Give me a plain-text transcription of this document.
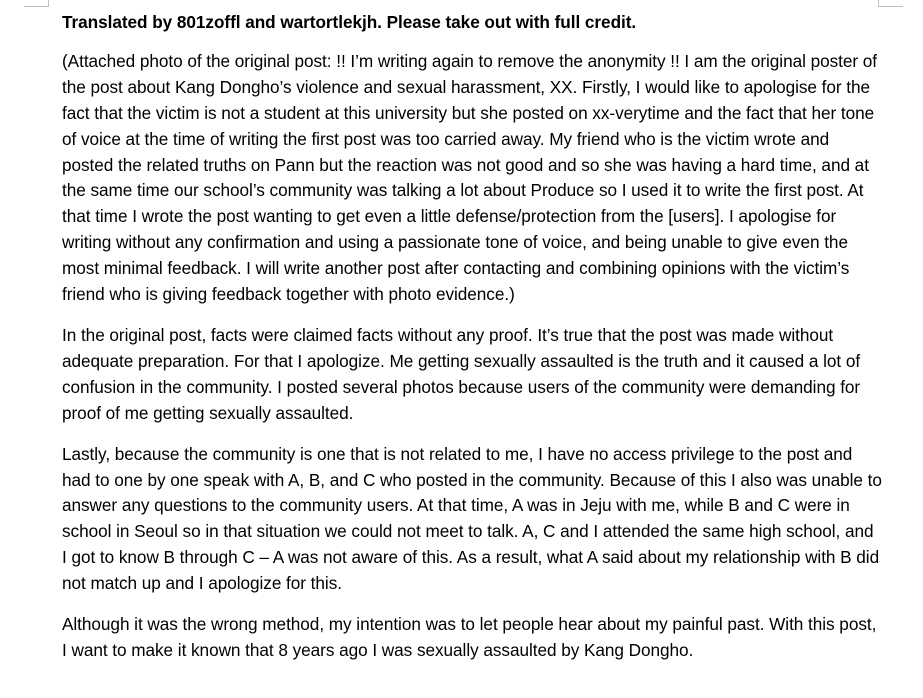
Translated by 801zoffl and wartortlekjh. Please take out with full credit.

(Attached photo of the original post: !! I’m writing again to remove the anonymity !! I am the original poster of the post about Kang Dongho’s violence and sexual harassment, XX. Firstly, I would like to apologise for the fact that the victim is not a student at this university but she posted on xx-verytime and the fact that her tone of voice at the time of writing the first post was too carried away. My friend who is the victim wrote and posted the related truths on Pann but the reaction was not good and so she was having a hard time, and at the same time our school’s community was talking a lot about Produce so I used it to write the first post. At that time I wrote the post wanting to get even a little defense/protection from the [users]. I apologise for writing without any confirmation and using a passionate tone of voice, and being unable to give even the most minimal feedback. I will write another post after contacting and combining opinions with the victim’s friend who is giving feedback together with photo evidence.)

In the original post, facts were claimed facts without any proof. It’s true that the post was made without adequate preparation. For that I apologize. Me getting sexually assaulted is the truth and it caused a lot of confusion in the community. I posted several photos because users of the community were demanding for proof of me getting sexually assaulted.

Lastly, because the community is one that is not related to me, I have no access privilege to the post and had to one by one speak with A, B, and C who posted in the community. Because of this I also was unable to answer any questions to the community users. At that time, A was in Jeju with me, while B and C were in school in Seoul so in that situation we could not meet to talk. A, C and I attended the same high school, and I got to know B through C – A was not aware of this. As a result, what A said about my relationship with B did not match up and I apologize for this.

Although it was the wrong method, my intention was to let people hear about my painful past. With this post, I want to make it known that 8 years ago I was sexually assaulted by Kang Dongho.
